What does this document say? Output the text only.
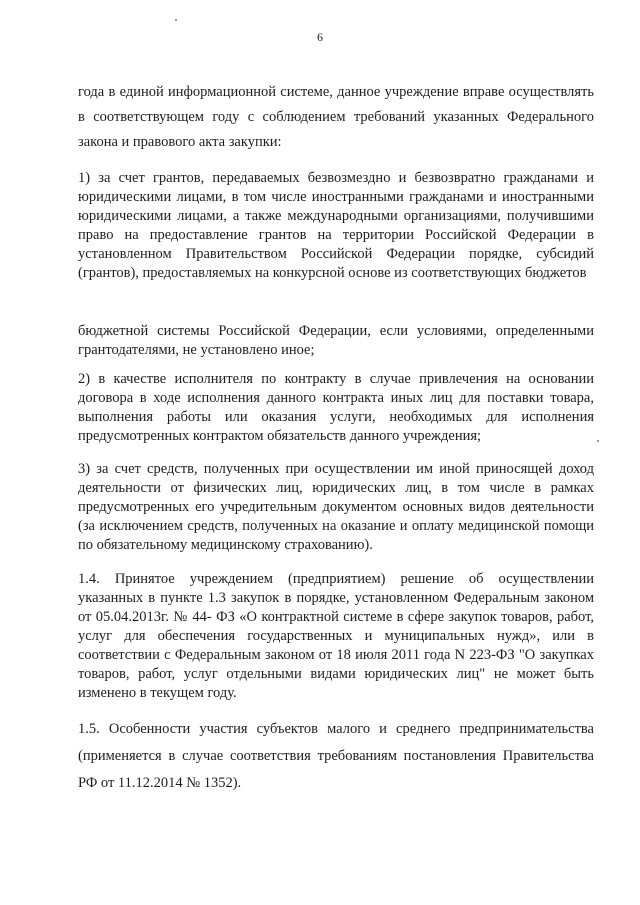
6

года в единой информационной системе, данное учреждение вправе осуществлять в соответствующем году с соблюдением требований указанных Федерального закона и правового акта закупки:

1) за счет грантов, передаваемых безвозмездно и безвозвратно гражданами и юридическими лицами, в том числе иностранными гражданами и иностранными юридическими лицами, а также международными организациями, получившими право на предоставление грантов на территории Российской Федерации в установленном Правительством Российской Федерации порядке, субсидий (грантов), предоставляемых на конкурсной основе из соответствующих бюджетов

бюджетной системы Российской Федерации, если условиями, определенными грантодателями, не установлено иное;

2) в качестве исполнителя по контракту в случае привлечения на основании договора в ходе исполнения данного контракта иных лиц для поставки товара, выполнения работы или оказания услуги, необходимых для исполнения предусмотренных контрактом обязательств данного учреждения;

3) за счет средств, полученных при осуществлении им иной приносящей доход деятельности от физических лиц, юридических лиц, в том числе в рамках предусмотренных его учредительным документом основных видов деятельности (за исключением средств, полученных на оказание и оплату медицинской помощи по обязательному медицинскому страхованию).

1.4. Принятое учреждением (предприятием) решение об осуществлении указанных в пункте 1.3 закупок в порядке, установленном Федеральным законом от 05.04.2013г. № 44- ФЗ «О контрактной системе в сфере закупок товаров, работ, услуг для обеспечения государственных и муниципальных нужд», или в соответствии с Федеральным законом от 18 июля 2011 года N 223-ФЗ "О закупках товаров, работ, услуг отдельными видами юридических лиц" не может быть изменено в текущем году.

1.5. Особенности участия субъектов малого и среднего предпринимательства (применяется в случае соответствия требованиям постановления Правительства РФ от 11.12.2014 № 1352).
